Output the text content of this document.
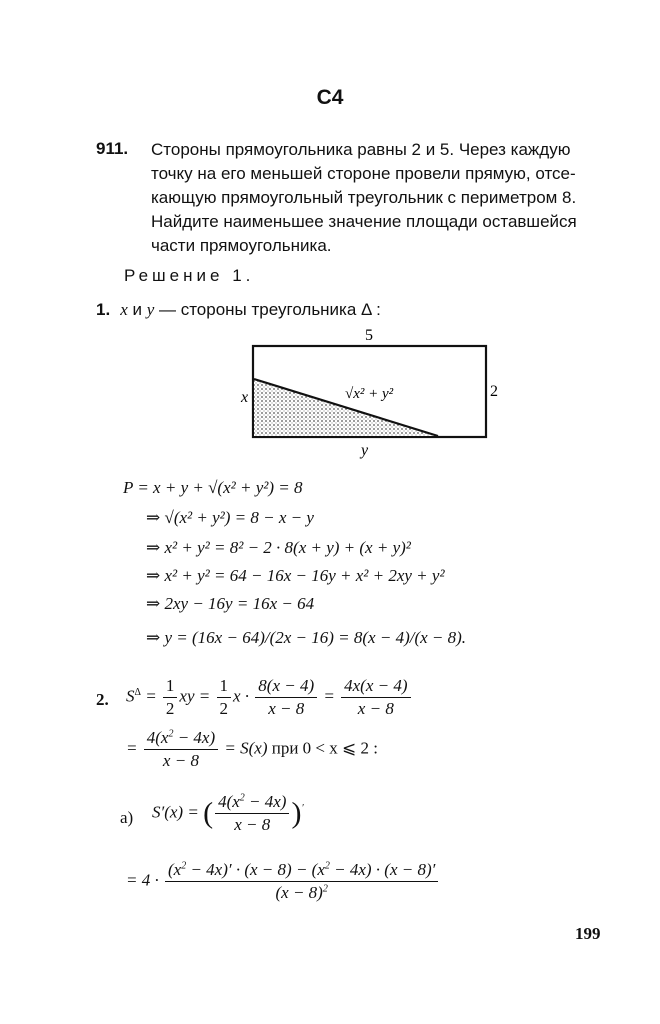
C4
911. Стороны прямоугольника равны 2 и 5. Через каждую
точку на его меньшей стороне провели прямую, отсе-
кающую прямоугольный треугольник с периметром 8.
Найдите наименьшее значение площади оставшейся
части прямоугольника.
Решение 1.
1. x и y — стороны треугольника Δ :
5
x	2
y
√x² + y²
P = x + y + √(x² + y²) = 8
⇒ √(x² + y²) = 8 − x − y
⇒ x² + y² = 8² − 2 · 8(x + y) + (x + y)²
⇒ x² + y² = 64 − 16x − 16y + x² + 2xy + y²
⇒ 2xy − 16y = 16x − 64
⇒ y = (16x − 64)/(2x − 16) = 8(x − 4)/(x − 8).
2. $S^\Delta = \frac{1}{2}$ xy = $\frac{1}{2}$ $x \cdot \frac{8(x - 4)}{x - 8} = \frac{4x(x - 4)}{x - 8}$
= $\frac{4(x^2 - 4x)}{x - 8} = S(x)$ при 0 < x ⩽ 2 :
а) S′(x) = ( $\frac{4(x^2 - 4x)}{x - 8} )'$
= $4 \cdot \frac{(x^2 - 4x)' \cdot (x - 8) - (x^2 - 4x) \cdot (x - 8)'}{(x - 8)^2}$
199
